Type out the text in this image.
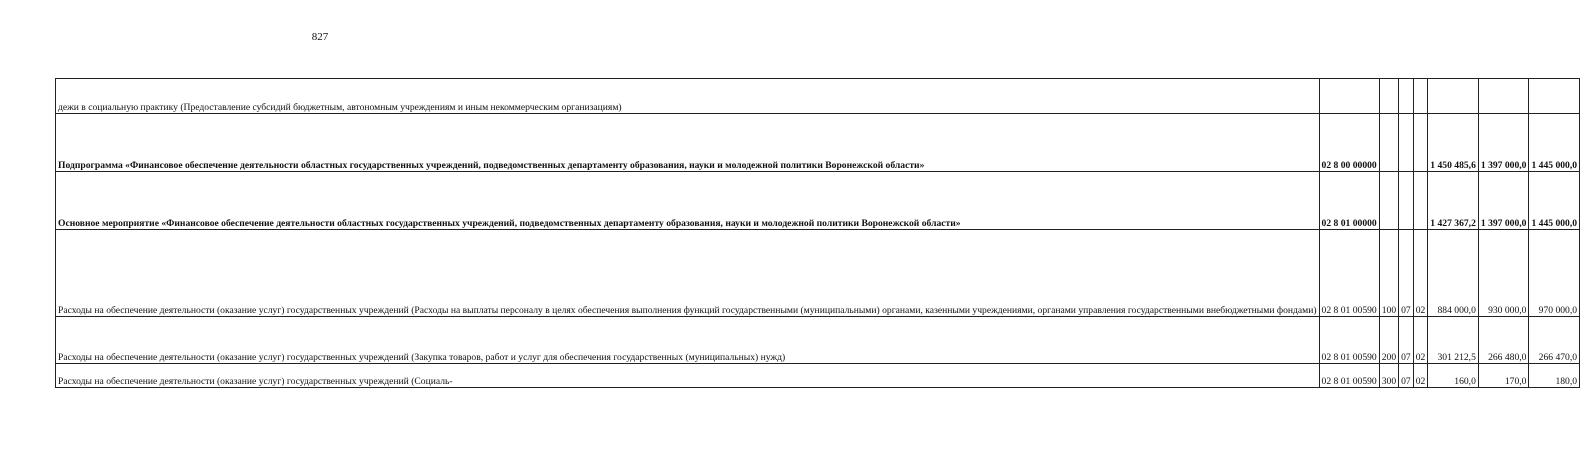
827
дежи в социальную практику (Предоставление субсидий бюджетным, автономным учреждениям и иным некоммерческим организациям)							
Подпрограмма «Финансовое обеспечение деятельности областных государственных учреждений, подведомственных департаменту образования, науки и молодежной политики Воронежской области»	02 8 00 00000				1 450 485,6	1 397 000,0	1 445 000,0
Основное мероприятие «Финансовое обеспечение деятельности областных государственных учреждений, подведомственных департаменту образования, науки и молодежной политики Воронежской области»	02 8 01 00000				1 427 367,2	1 397 000,0	1 445 000,0
Расходы на обеспечение деятельности (оказание услуг) государственных учреждений (Расходы на выплаты персоналу в целях обеспечения выполнения функций государственными (муниципальными) органами, казенными учреждениями, органами управления государственными внебюджетными фондами)	02 8 01 00590	100	07	02	884 000,0	930 000,0	970 000,0
Расходы на обеспечение деятельности (оказание услуг) государственных учреждений (Закупка товаров, работ и услуг для обеспечения государственных (муниципальных) нужд)	02 8 01 00590	200	07	02	301 212,5	266 480,0	266 470,0
Расходы на обеспечение деятельности (оказание услуг) государственных учреждений (Социаль-	02 8 01 00590	300	07	02	160,0	170,0	180,0
